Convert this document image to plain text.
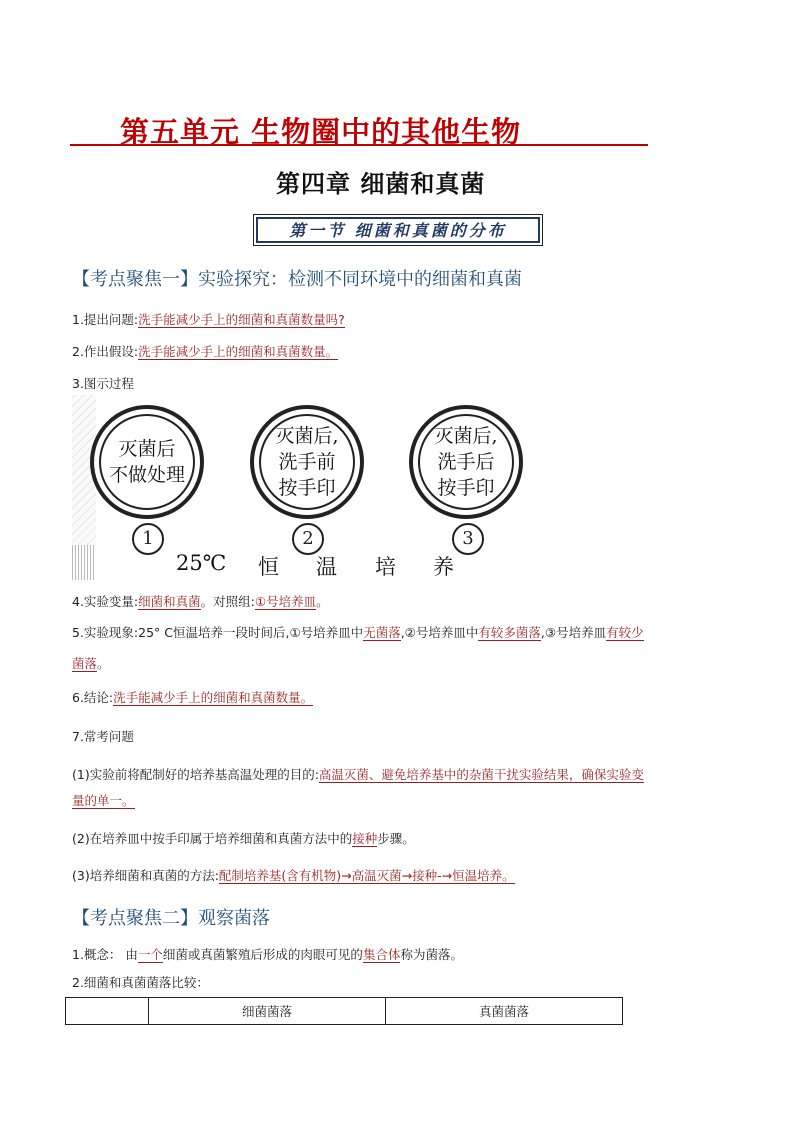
第五单元 生物圈中的其他生物
第四章 细菌和真菌
第一节 细菌和真菌的分布
【考点聚焦一】实验探究：检测不同环境中的细菌和真菌
1.提出问题:洗手能减少手上的细菌和真菌数量吗?
2.作出假设:洗手能减少手上的细菌和真菌数量。
3.图示过程
灭菌后
不做处理
灭菌后,
洗手前
按手印
灭菌后,
洗手后
按手印
1	2	3
25℃ 恒 温 培 养
4.实验变量:细菌和真菌。对照组:①号培养皿。
5.实验现象:25° C恒温培养一段时间后,①号培养皿中无菌落,②号培养皿中有较多菌落,③号培养皿有较少
菌落。
6.结论:洗手能减少手上的细菌和真菌数量。
7.常考问题
(1)实验前将配制好的培养基高温处理的目的:高温灭菌、避免培养基中的杂菌干扰实验结果，确保实验变
量的单一。
(2)在培养皿中按手印属于培养细菌和真菌方法中的接种步骤。
(3)培养细菌和真菌的方法:配制培养基(含有机物)→高温灭菌→接种-→恒温培养。
【考点聚焦二】观察菌落
1.概念： 由一个细菌或真菌繁殖后形成的肉眼可见的集合体称为菌落。
2.细菌和真菌菌落比较：
	细菌菌落	真菌菌落
